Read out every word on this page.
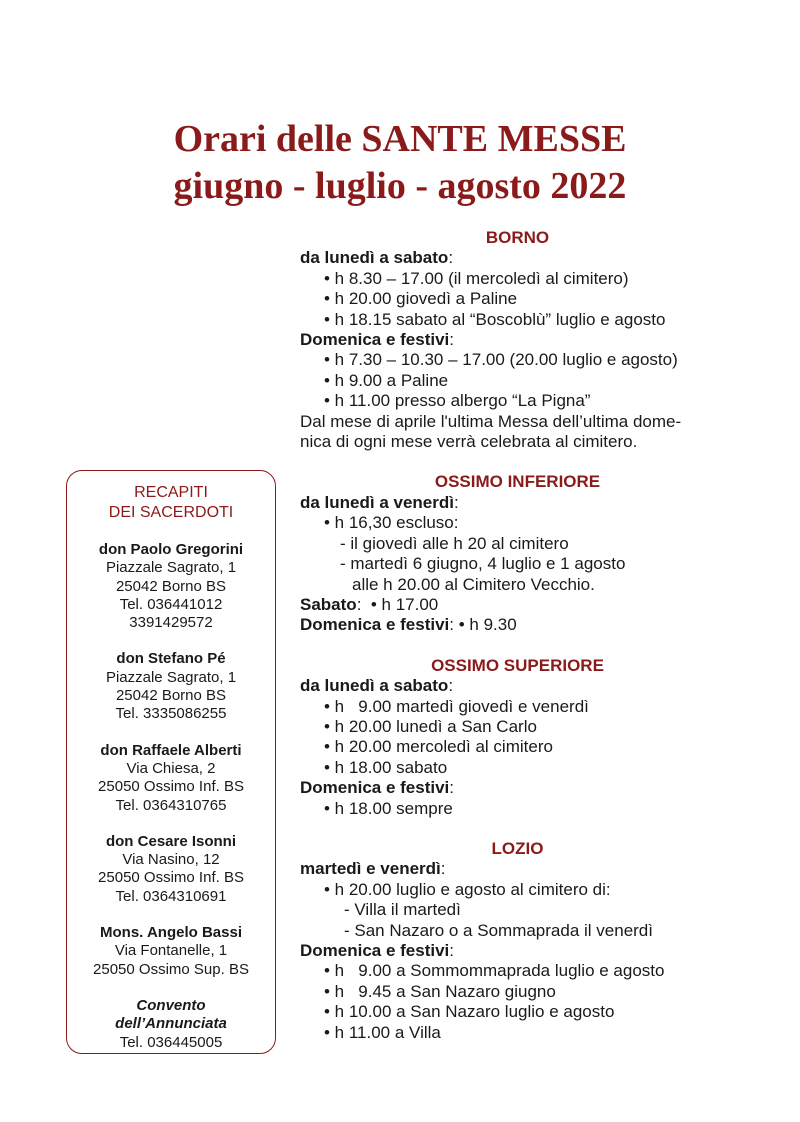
Orari delle SANTE MESSE
giugno - luglio - agosto 2022
BORNO
da lunedì a sabato:
• h 8.30 – 17.00 (il mercoledì al cimitero)
• h 20.00 giovedì a Paline
• h 18.15 sabato al “Boscoblù” luglio e agosto
Domenica e festivi:
• h 7.30 – 10.30 – 17.00 (20.00 luglio e agosto)
• h 9.00 a Paline
• h 11.00 presso albergo “La Pigna”
Dal mese di aprile l'ultima Messa dell’ultima dome-
nica di ogni mese verrà celebrata al cimitero.
OSSIMO INFERIORE
da lunedì a venerdì:
• h 16,30 escluso:
- il giovedì alle h 20 al cimitero
- martedì 6 giugno, 4 luglio e 1 agosto
alle h 20.00 al Cimitero Vecchio.
Sabato:  • h 17.00
Domenica e festivi: • h 9.30
OSSIMO SUPERIORE
da lunedì a sabato:
• h   9.00 martedì giovedì e venerdì
• h 20.00 lunedì a San Carlo
• h 20.00 mercoledì al cimitero
• h 18.00 sabato
Domenica e festivi:
• h 18.00 sempre
LOZIO
martedì e venerdì:
• h 20.00 luglio e agosto al cimitero di:
- Villa il martedì
- San Nazaro o a Sommaprada il venerdì
Domenica e festivi:
• h   9.00 a Sommommaprada luglio e agosto
• h   9.45 a San Nazaro giugno
• h 10.00 a San Nazaro luglio e agosto
• h 11.00 a Villa
RECAPITI
DEI SACERDOTI
don Paolo Gregorini
Piazzale Sagrato, 1
25042 Borno BS
Tel. 036441012
3391429572
don Stefano Pé
Piazzale Sagrato, 1
25042 Borno BS
Tel. 3335086255
don Raffaele Alberti
Via Chiesa, 2
25050 Ossimo Inf. BS
Tel. 0364310765
don Cesare Isonni
Via Nasino, 12
25050 Ossimo Inf. BS
Tel. 0364310691
Mons. Angelo Bassi
Via Fontanelle, 1
25050 Ossimo Sup. BS
Convento
dell’Annunciata
Tel. 036445005
